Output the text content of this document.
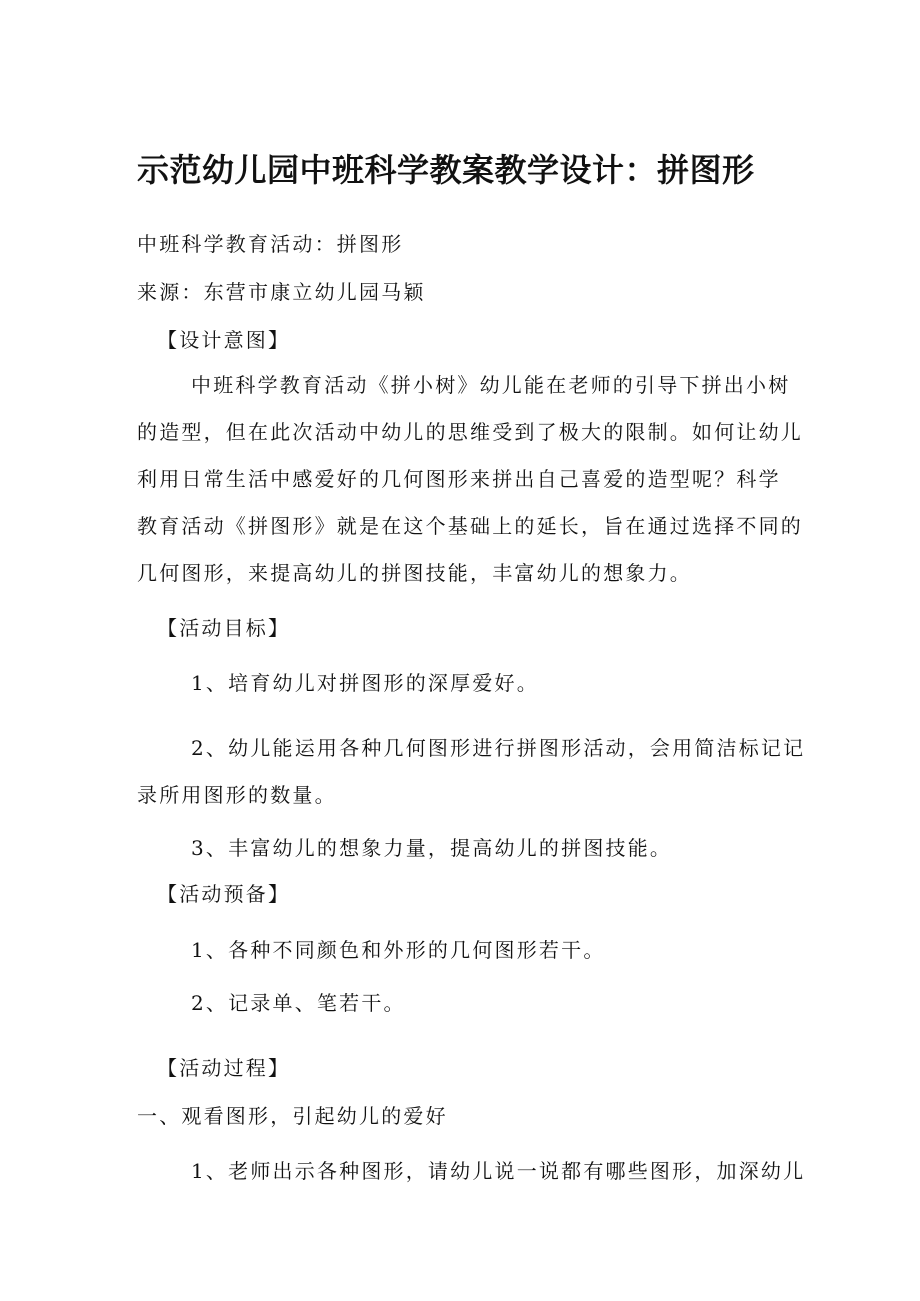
示范幼儿园中班科学教案教学设计：拼图形

中班科学教育活动：拼图形

来源：东营市康立幼儿园马颖

【设计意图】

中班科学教育活动《拼小树》幼儿能在老师的引导下拼出小树
的造型，但在此次活动中幼儿的思维受到了极大的限制。如何让幼儿
利用日常生活中感爱好的几何图形来拼出自己喜爱的造型呢？科学
教育活动《拼图形》就是在这个基础上的延长，旨在通过选择不同的
几何图形，来提高幼儿的拼图技能，丰富幼儿的想象力。

【活动目标】

1、培育幼儿对拼图形的深厚爱好。

2、幼儿能运用各种几何图形进行拼图形活动，会用简洁标记记
录所用图形的数量。

3、丰富幼儿的想象力量，提高幼儿的拼图技能。

【活动预备】

1、各种不同颜色和外形的几何图形若干。

2、记录单、笔若干。

【活动过程】

一、观看图形，引起幼儿的爱好

1、老师出示各种图形，请幼儿说一说都有哪些图形，加深幼儿
